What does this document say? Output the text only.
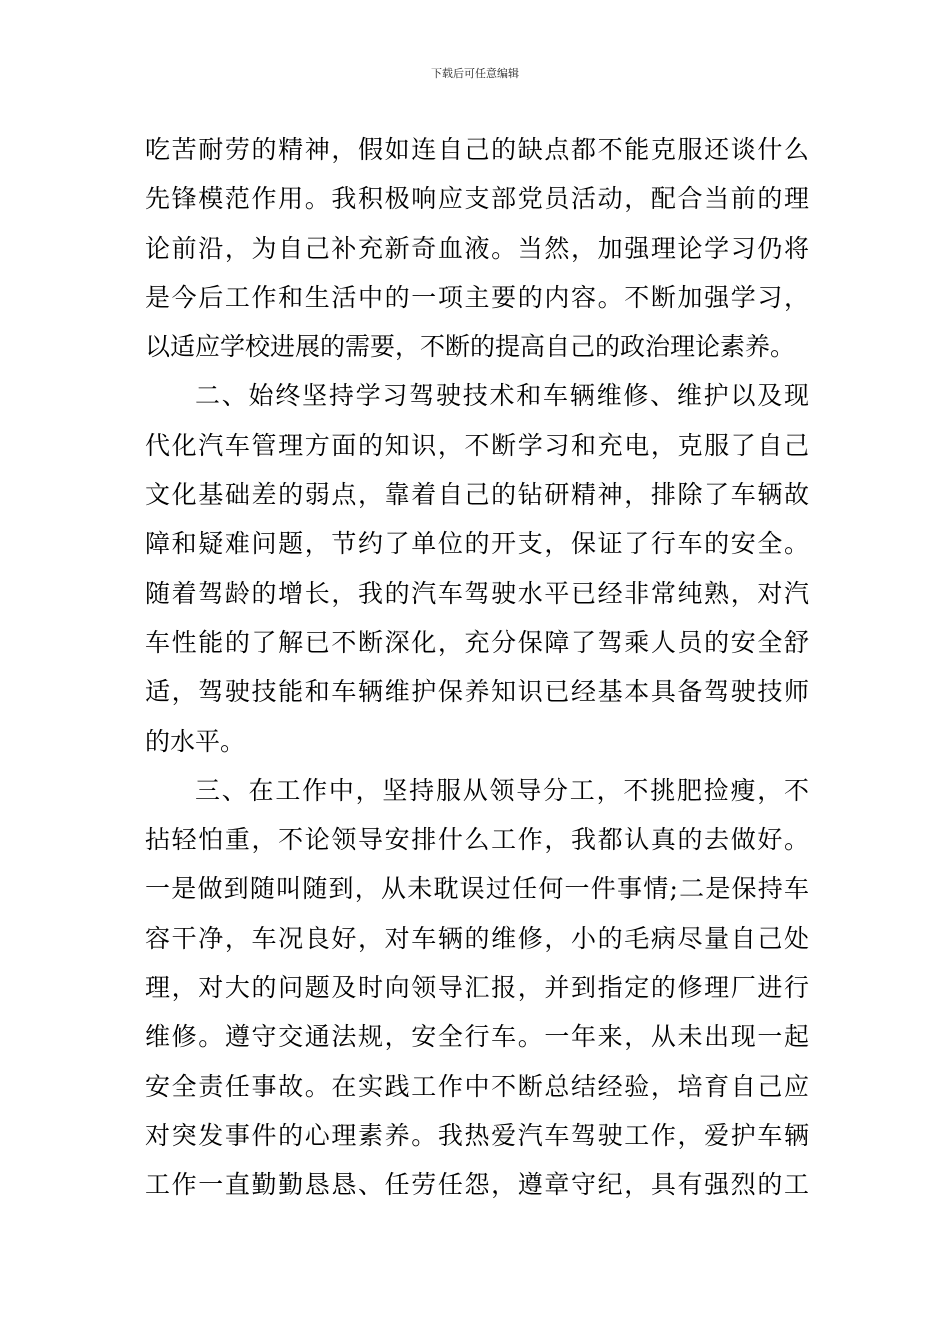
下载后可任意编辑
吃苦耐劳的精神，假如连自己的缺点都不能克服还谈什么
先锋模范作用。我积极响应支部党员活动，配合当前的理
论前沿，为自己补充新奇血液。当然，加强理论学习仍将
是今后工作和生活中的一项主要的内容。不断加强学习，
以适应学校进展的需要，不断的提高自己的政治理论素养。
二、始终坚持学习驾驶技术和车辆维修、维护以及现
代化汽车管理方面的知识，不断学习和充电，克服了自己
文化基础差的弱点，靠着自己的钻研精神，排除了车辆故
障和疑难问题，节约了单位的开支，保证了行车的安全。
随着驾龄的增长，我的汽车驾驶水平已经非常纯熟，对汽
车性能的了解已不断深化，充分保障了驾乘人员的安全舒
适，驾驶技能和车辆维护保养知识已经基本具备驾驶技师
的水平。
三、在工作中，坚持服从领导分工，不挑肥捡瘦，不
拈轻怕重，不论领导安排什么工作，我都认真的去做好。
一是做到随叫随到，从未耽误过任何一件事情;二是保持车
容干净，车况良好，对车辆的维修，小的毛病尽量自己处
理，对大的问题及时向领导汇报，并到指定的修理厂进行
维修。遵守交通法规，安全行车。一年来，从未出现一起
安全责任事故。在实践工作中不断总结经验，培育自己应
对突发事件的心理素养。我热爱汽车驾驶工作，爱护车辆
工作一直勤勤恳恳、任劳任怨，遵章守纪，具有强烈的工
